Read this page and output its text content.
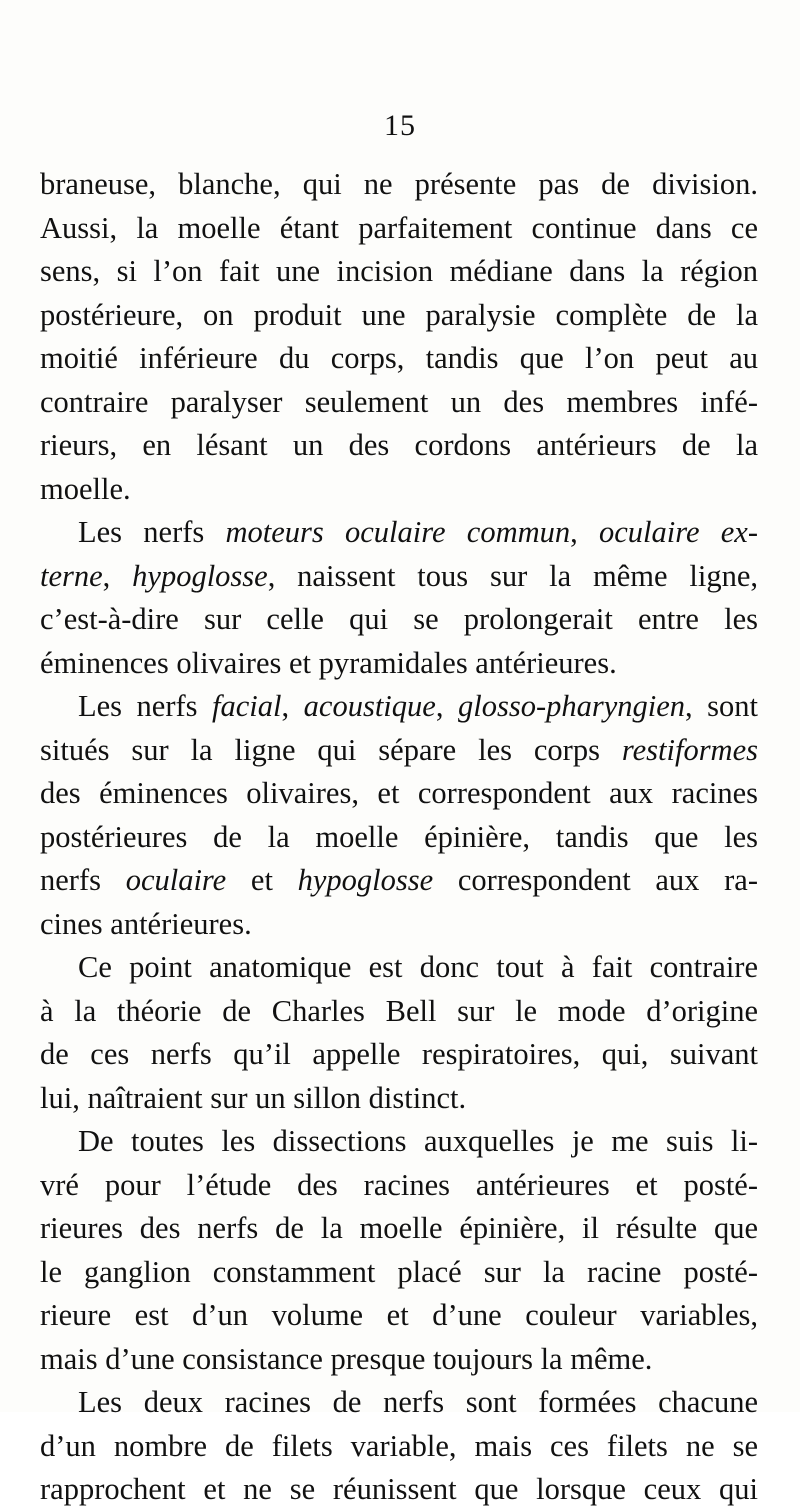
15
braneuse, blanche, qui ne présente pas de division.
Aussi, la moelle étant parfaitement continue dans ce
sens, si l’on fait une incision médiane dans la région
postérieure, on produit une paralysie complète de la
moitié inférieure du corps, tandis que l’on peut au
contraire paralyser seulement un des membres infé-
rieurs, en lésant un des cordons antérieurs de la
moelle.
Les nerfs moteurs oculaire commun, oculaire ex-
terne, hypoglosse, naissent tous sur la même ligne,
c’est-à-dire sur celle qui se prolongerait entre les
éminences olivaires et pyramidales antérieures.
Les nerfs facial, acoustique, glosso-pharyngien, sont
situés sur la ligne qui sépare les corps restiformes
des éminences olivaires, et correspondent aux racines
postérieures de la moelle épinière, tandis que les
nerfs oculaire et hypoglosse correspondent aux ra-
cines antérieures.
Ce point anatomique est donc tout à fait contraire
à la théorie de Charles Bell sur le mode d’origine
de ces nerfs qu’il appelle respiratoires, qui, suivant
lui, naîtraient sur un sillon distinct.
De toutes les dissections auxquelles je me suis li-
vré pour l’étude des racines antérieures et posté-
rieures des nerfs de la moelle épinière, il résulte que
le ganglion constamment placé sur la racine posté-
rieure est d’un volume et d’une couleur variables,
mais d’une consistance presque toujours la même.
Les deux racines de nerfs sont formées chacune
d’un nombre de filets variable, mais ces filets ne se
rapprochent et ne se réunissent que lorsque ceux qui
